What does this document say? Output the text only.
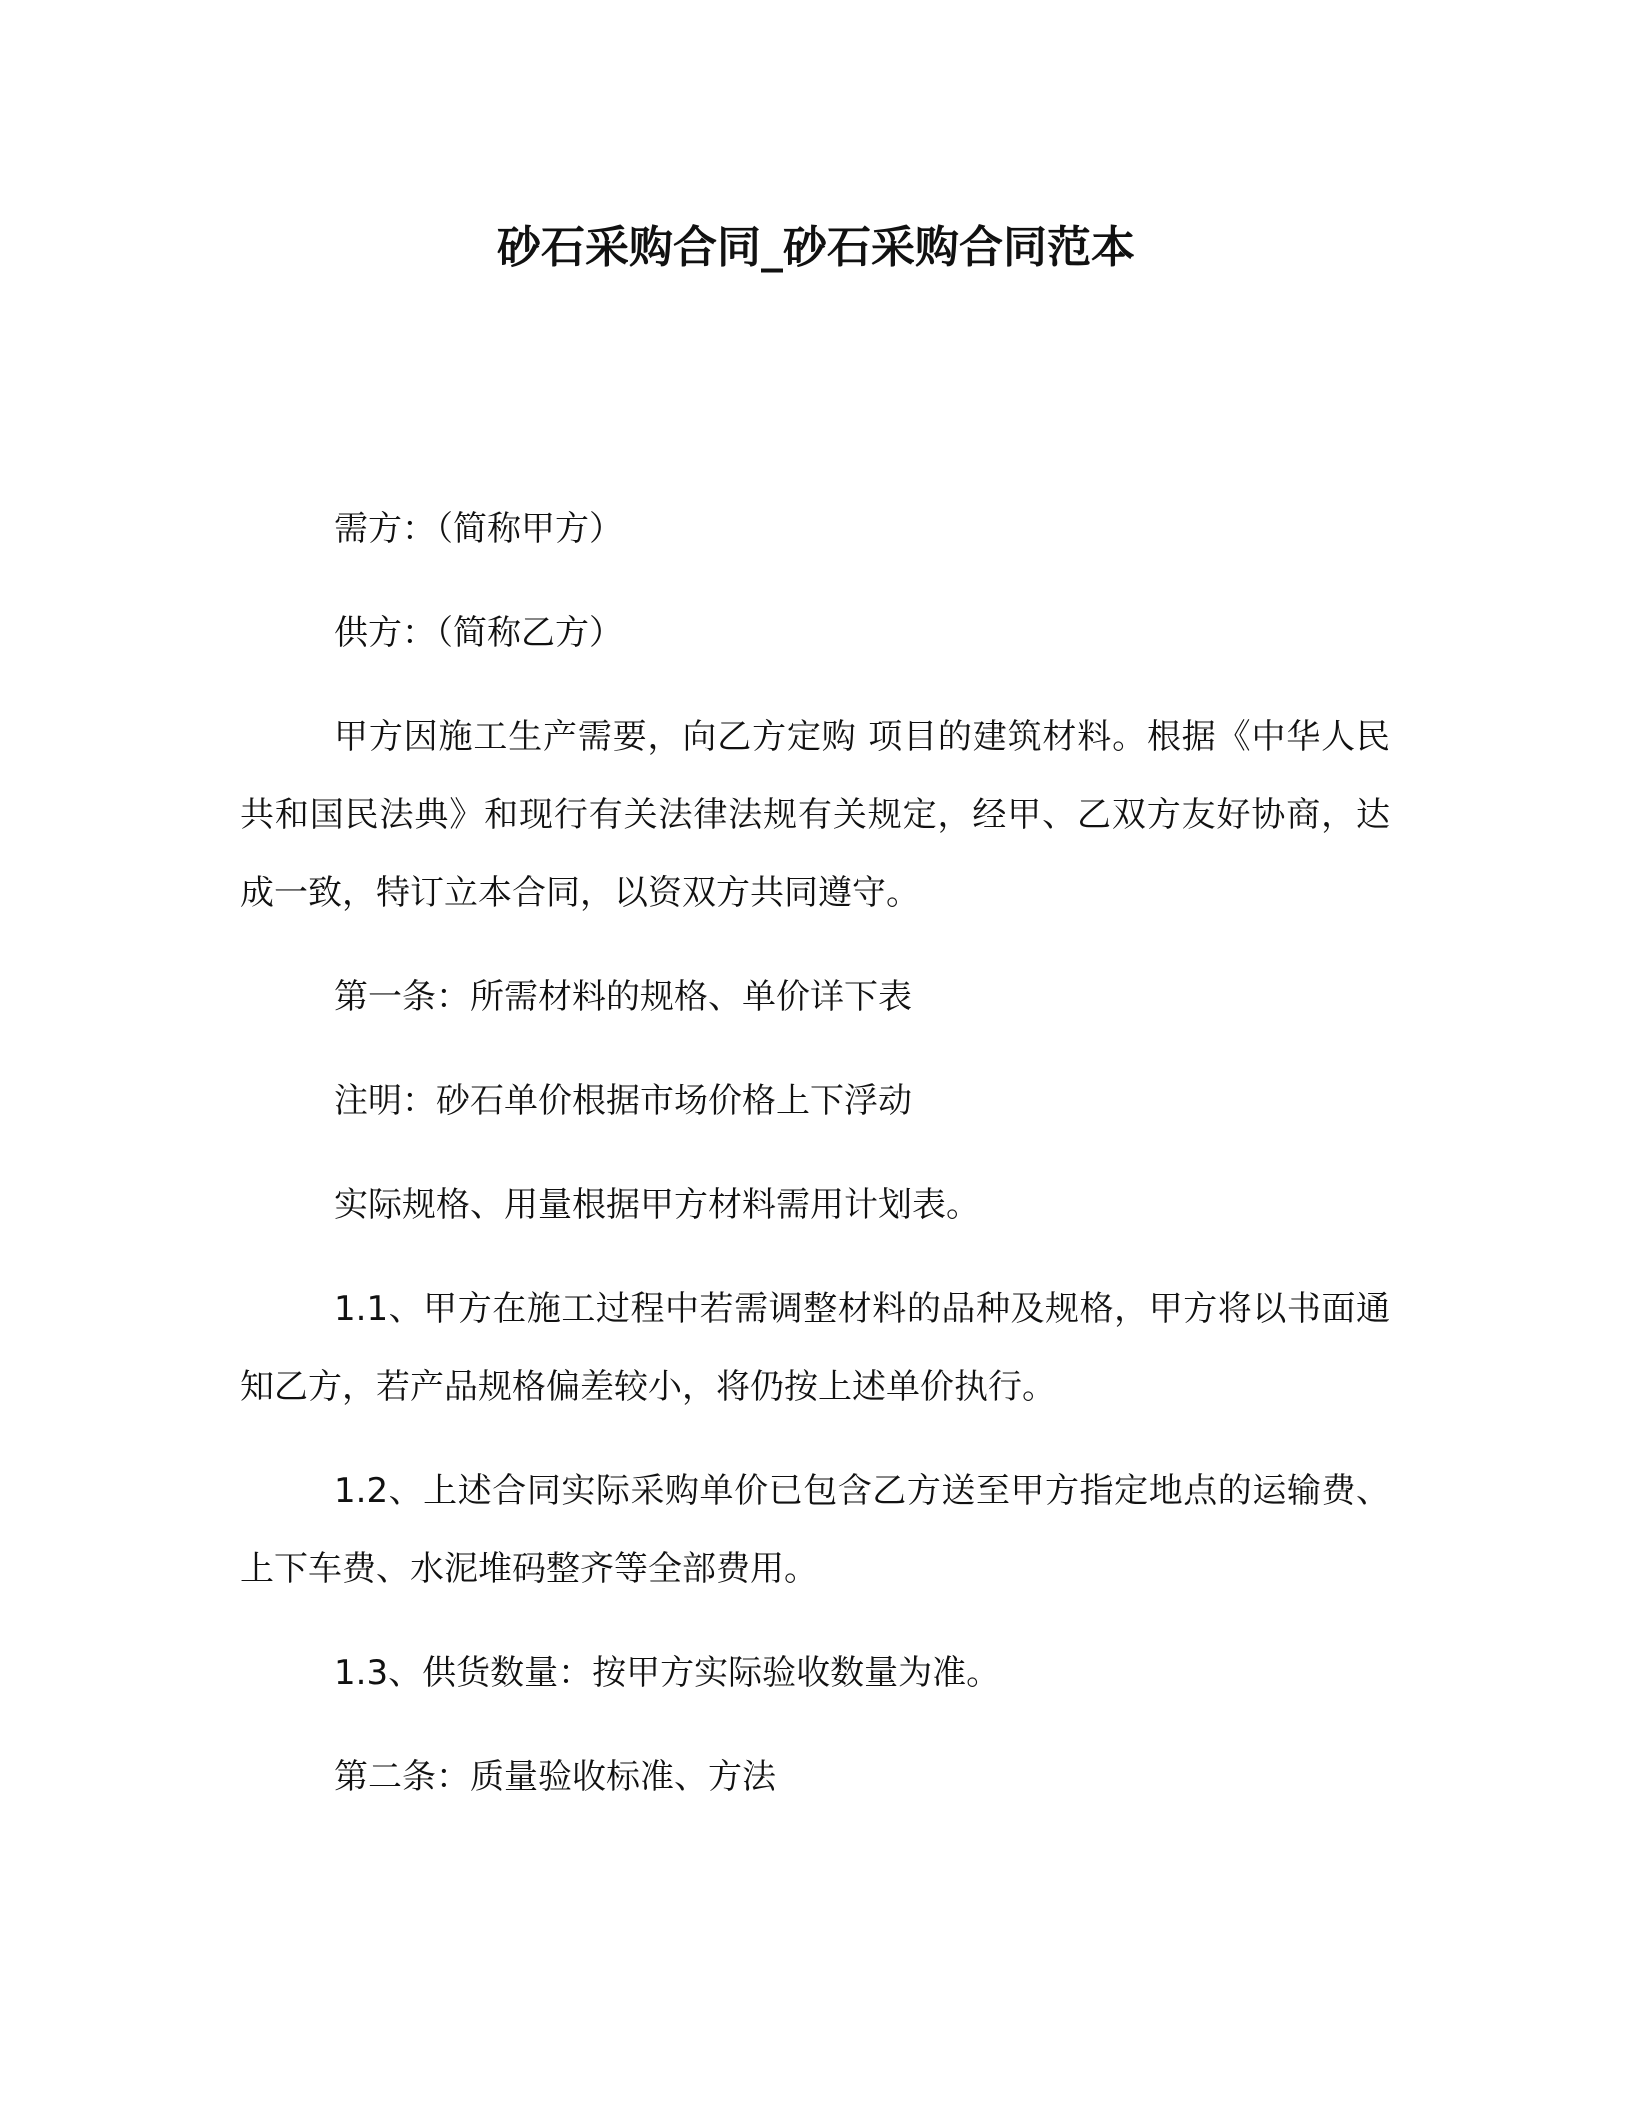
砂石采购合同_砂石采购合同范本

需方：（简称甲方）

供方：（简称乙方）

甲方因施工生产需要，向乙方定购 项目的建筑材料。根据《中华人民共和国民法典》和现行有关法律法规有关规定，经甲、乙双方友好协商，达成一致，特订立本合同，以资双方共同遵守。

第一条：所需材料的规格、单价详下表

注明：砂石单价根据市场价格上下浮动

实际规格、用量根据甲方材料需用计划表。

1.1、甲方在施工过程中若需调整材料的品种及规格，甲方将以书面通知乙方，若产品规格偏差较小，将仍按上述单价执行。

1.2、上述合同实际采购单价已包含乙方送至甲方指定地点的运输费、上下车费、水泥堆码整齐等全部费用。

1.3、供货数量：按甲方实际验收数量为准。

第二条：质量验收标准、方法
